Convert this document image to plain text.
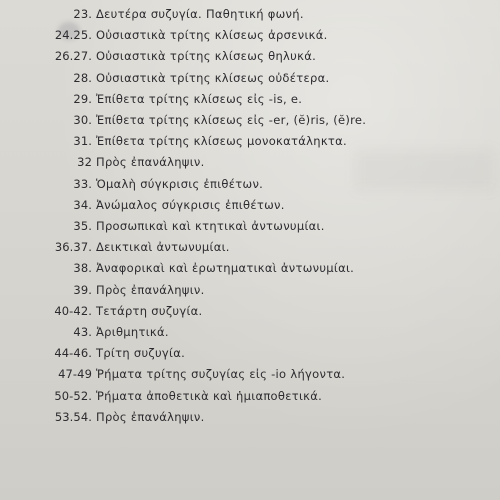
23. Δευτέρα συζυγία. Παθητική φωνή.
24.25. Οὐσιαστικὰ τρίτης κλίσεως ἀρσενικά.
26.27. Οὐσιαστικὰ τρίτης κλίσεως θηλυκά.
28. Οὐσιαστικὰ τρίτης κλίσεως οὐδέτερα.
29. Ἐπίθετα τρίτης κλίσεως εἰς -is, e.
30. Ἐπίθετα τρίτης κλίσεως εἰς -er, (ĕ)ris, (ĕ)re.
31. Ἐπίθετα τρίτης κλίσεως μονοκατάληκτα.
32 Πρὸς ἐπανάληψιν.
33. Ὁμαλὴ σύγκρισις ἐπιθέτων.
34. Ἀνώμαλος σύγκρισις ἐπιθέτων.
35. Προσωπικαὶ καὶ κτητικαὶ ἀντωνυμίαι.
36.37. Δεικτικαὶ ἀντωνυμίαι.
38. Ἀναφορικαὶ καὶ ἐρωτηματικαὶ ἀντωνυμίαι.
39. Πρὸς ἐπανάληψιν.
40-42. Τετάρτη συζυγία.
43. Ἀριθμητικά.
44-46. Τρίτη συζυγία.
47-49 Ῥήματα τρίτης συζυγίας εἰς -io λήγοντα.
50-52. Ῥήματα ἀποθετικὰ καὶ ἡμιαποθετικά.
53.54. Πρὸς ἐπανάληψιν.
